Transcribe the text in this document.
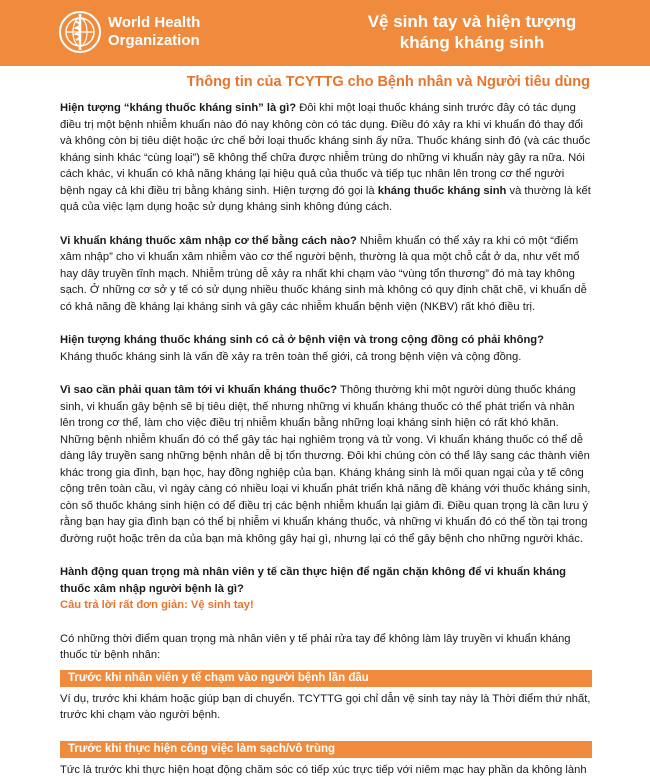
World Health
Organization
Vệ sinh tay và hiện tượng
kháng kháng sinh
Thông tin của TCYTTG cho Bệnh nhân và Người tiêu dùng

Hiện tượng “kháng thuốc kháng sinh” là gì? Đôi khi một loại thuốc kháng sinh trước đây có tác dụng điều trị một bệnh nhiễm khuẩn nào đó nay không còn có tác dụng. Điều đó xảy ra khi vi khuẩn đó thay đổi và không còn bị tiêu diệt hoặc ức chế bởi loại thuốc kháng sinh ấy nữa. Thuốc kháng sinh đó (và các thuốc kháng sinh khác “cùng loại”) sẽ không thể chữa được nhiễm trùng do những vi khuẩn này gây ra nữa. Nói cách khác, vi khuẩn có khả năng kháng lại hiệu quả của thuốc và tiếp tục nhân lên trong cơ thể người bệnh ngay cả khi điều trị bằng kháng sinh. Hiện tượng đó gọi là kháng thuốc kháng sinh và thường là kết quả của việc lạm dụng hoặc sử dụng kháng sinh không đúng cách.

Vi khuẩn kháng thuốc xâm nhập cơ thể bằng cách nào? Nhiễm khuẩn có thể xảy ra khi có một “điểm xâm nhập” cho vi khuẩn xâm nhiễm vào cơ thể người bệnh, thường là qua một chỗ cắt ở da, như vết mổ hay dây truyền tĩnh mạch. Nhiễm trùng dễ xảy ra nhất khi chạm vào “vùng tổn thương” đó mà tay không sạch. Ở những cơ sở y tế có sử dụng nhiều thuốc kháng sinh mà không có quy định chặt chẽ, vi khuẩn dễ có khả năng đề kháng lại kháng sinh và gây các nhiễm khuẩn bệnh viện (NKBV) rất khó điều trị.

Hiện tượng kháng thuốc kháng sinh có cả ở bệnh viện và trong cộng đồng có phải không?
Kháng thuốc kháng sinh là vấn đề xảy ra trên toàn thế giới, cả trong bệnh viện và cộng đồng.

Vì sao cần phải quan tâm tới vi khuẩn kháng thuốc? Thông thường khi một người dùng thuốc kháng sinh, vi khuẩn gây bệnh sẽ bị tiêu diệt, thế nhưng những vi khuẩn kháng thuốc có thể phát triển và nhân lên trong cơ thể, làm cho việc điều trị nhiễm khuẩn bằng những loại kháng sinh hiện có rất khó khăn. Những bệnh nhiễm khuẩn đó có thể gây tác hại nghiêm trọng và tử vong. Vi khuẩn kháng thuốc có thể dễ dàng lây truyền sang những bệnh nhân dễ bị tổn thương. Đôi khi chúng còn có thể lây sang các thành viên khác trong gia đình, bạn học, hay đồng nghiệp của bạn. Kháng kháng sinh là mối quan ngại của y tế công cộng trên toàn cầu, vì ngày càng có nhiều loại vi khuẩn phát triển khả năng đề kháng với thuốc kháng sinh, còn số thuốc kháng sinh hiện có để điều trị các bệnh nhiễm khuẩn lại giảm đi. Điều quan trọng là cần lưu ý rằng bạn hay gia đình bạn có thể bị nhiễm vi khuẩn kháng thuốc, và những vi khuẩn đó có thể tồn tại trong đường ruột hoặc trên da của bạn mà không gây hại gì, nhưng lại có thể gây bệnh cho những người khác.

Hành động quan trọng mà nhân viên y tế cần thực hiện để ngăn chặn không để vi khuẩn kháng thuốc xâm nhập người bệnh là gì?
Câu trả lời rất đơn giản: Vệ sinh tay!

Có những thời điểm quan trọng mà nhân viên y tế phải rửa tay để không làm lây truyền vi khuẩn kháng thuốc từ bệnh nhân:

Trước khi nhân viên y tế chạm vào người bệnh lần đầu

Ví dụ, trước khi khám hoặc giúp bạn di chuyển. TCYTTG gọi chỉ dẫn vệ sinh tay này là Thời điểm thứ nhất, trước khi chạm vào người bệnh.

Trước khi thực hiện công việc làm sạch/vô trùng

Tức là trước khi thực hiện hoạt động chăm sóc có tiếp xúc trực tiếp với niêm mạc hay phần da không lành
